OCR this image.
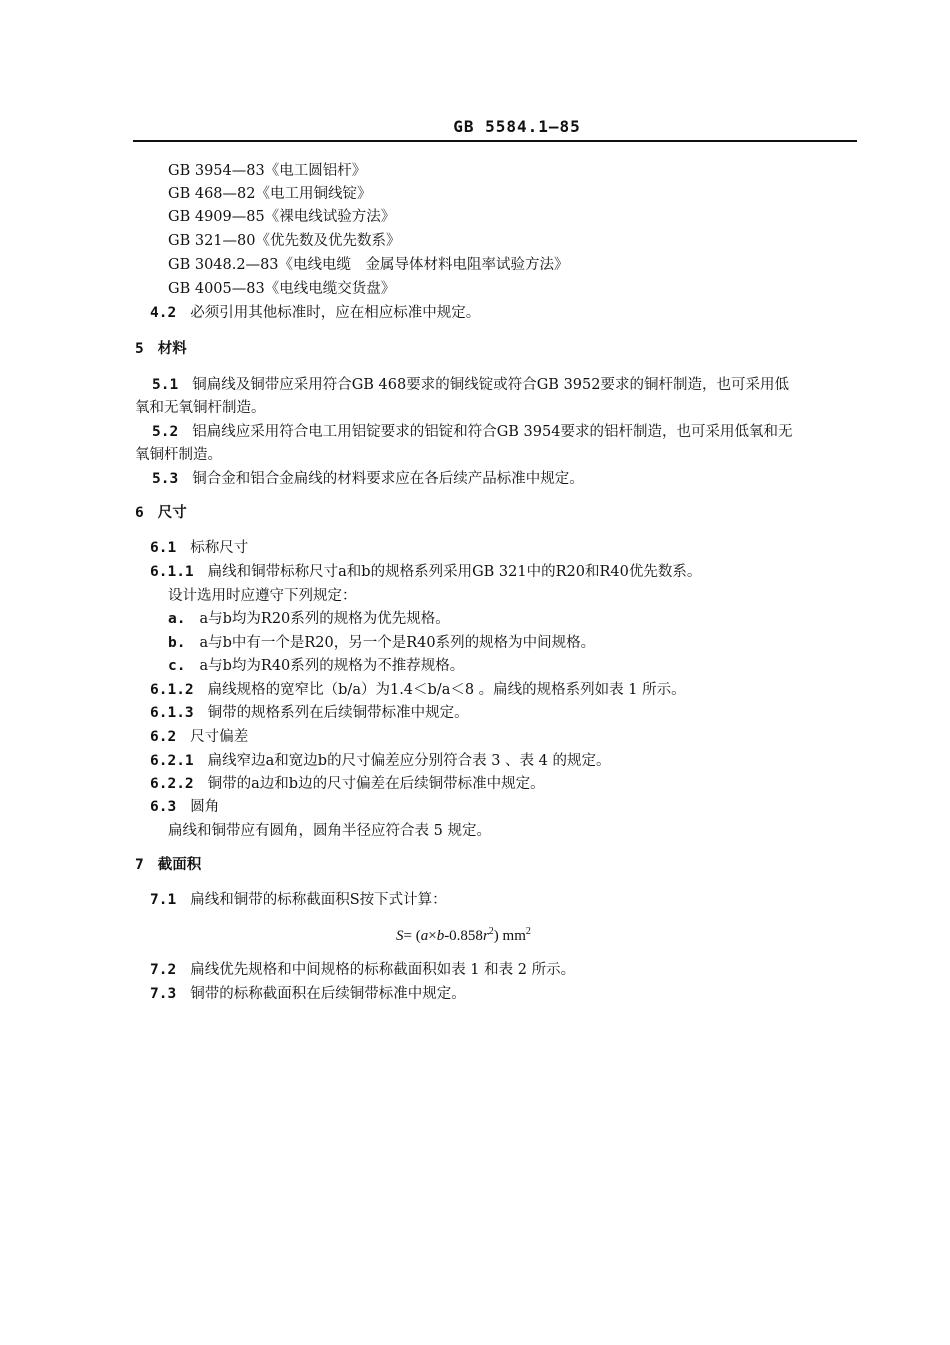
GB 5584.1—85
GB 3954—83《电工圆铝杆》
GB 468—82《电工用铜线锭》
GB 4909—85《裸电线试验方法》
GB 321—80《优先数及优先数系》
GB 3048.2—83《电线电缆　金属导体材料电阻率试验方法》
GB 4005—83《电线电缆交货盘》
4.2 必须引用其他标准时，应在相应标准中规定。
5 材料
5.1 铜扁线及铜带应采用符合GB 468要求的铜线锭或符合GB 3952要求的铜杆制造，也可采用低
氧和无氧铜杆制造。
5.2 铝扁线应采用符合电工用铝锭要求的铝锭和符合GB 3954要求的铝杆制造，也可采用低氧和无
氧铜杆制造。
5.3 铜合金和铝合金扁线的材料要求应在各后续产品标准中规定。
6 尺寸
6.1 标称尺寸
6.1.1 扁线和铜带标称尺寸a和b的规格系列采用GB 321中的R20和R40优先数系。
设计选用时应遵守下列规定：
a. a与b均为R20系列的规格为优先规格。
b. a与b中有一个是R20，另一个是R40系列的规格为中间规格。
c. a与b均为R40系列的规格为不推荐规格。
6.1.2 扁线规格的宽窄比（b/a）为1.4＜b/a＜8 。扁线的规格系列如表 1 所示。
6.1.3 铜带的规格系列在后续铜带标准中规定。
6.2 尺寸偏差
6.2.1 扁线窄边a和宽边b的尺寸偏差应分别符合表 3 、表 4 的规定。
6.2.2 铜带的a边和b边的尺寸偏差在后续铜带标准中规定。
6.3 圆角
扁线和铜带应有圆角，圆角半径应符合表 5 规定。
7 截面积
7.1 扁线和铜带的标称截面积S按下式计算：
$S= (a\times b-0.858r^2)$ $mm^2$
7.2 扁线优先规格和中间规格的标称截面积如表 1 和表 2 所示。
7.3 铜带的标称截面积在后续铜带标准中规定。
